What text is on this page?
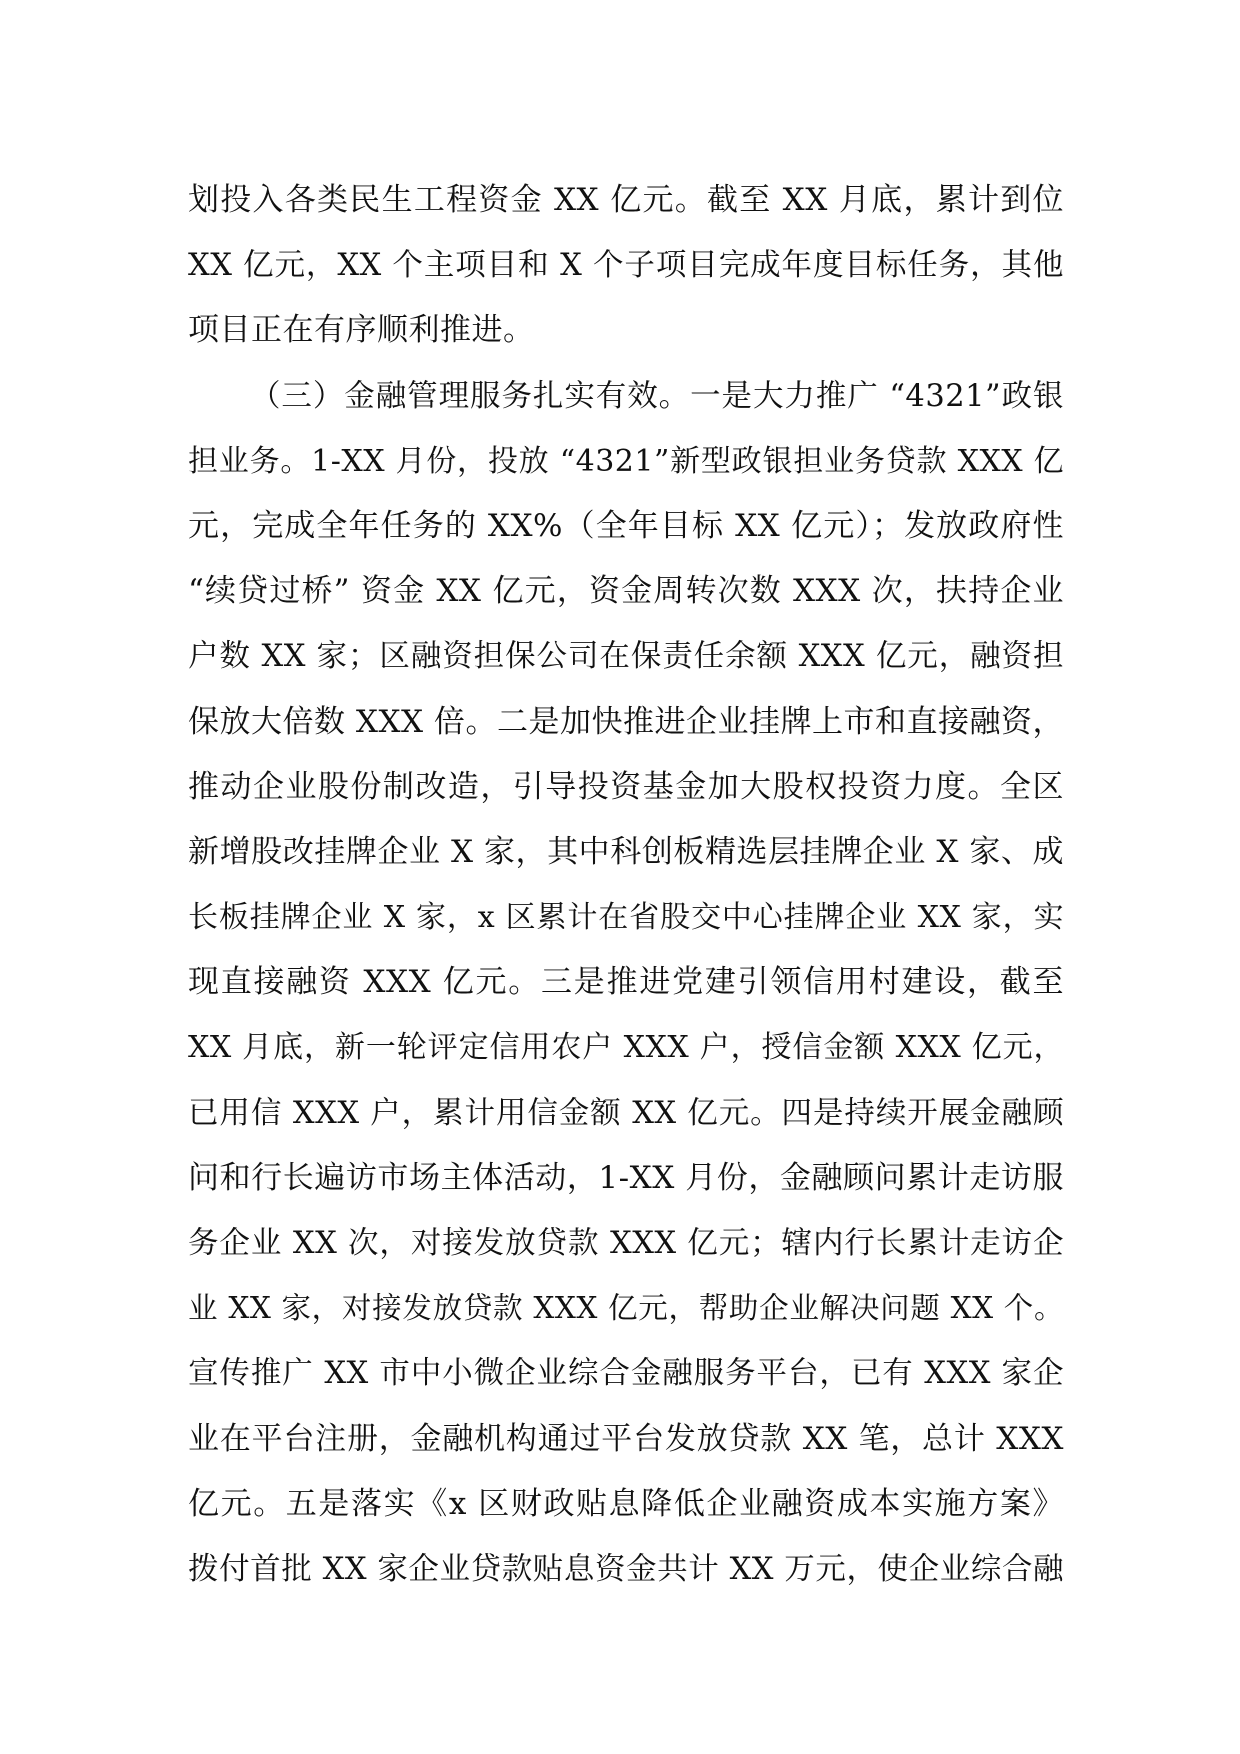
划投入各类民生工程资金 XX 亿元。截至 XX 月底，累计到位
XX 亿元，XX 个主项目和 X 个子项目完成年度目标任务，其他
项目正在有序顺利推进。
（三）金融管理服务扎实有效。一是大力推广 “4321”政银
担业务。1-XX 月份，投放 “4321”新型政银担业务贷款 XXX 亿
元，完成全年任务的 XX%（全年目标 XX 亿元）；发放政府性
“续贷过桥” 资金 XX 亿元，资金周转次数 XXX 次，扶持企业
户数 XX 家；区融资担保公司在保责任余额 XXX 亿元，融资担
保放大倍数 XXX 倍。二是加快推进企业挂牌上市和直接融资，
推动企业股份制改造，引导投资基金加大股权投资力度。全区
新增股改挂牌企业 X 家，其中科创板精选层挂牌企业 X 家、成
长板挂牌企业 X 家，x 区累计在省股交中心挂牌企业 XX 家，实
现直接融资 XXX 亿元。三是推进党建引领信用村建设，截至
XX 月底，新一轮评定信用农户 XXX 户，授信金额 XXX 亿元，
已用信 XXX 户，累计用信金额 XX 亿元。四是持续开展金融顾
问和行长遍访市场主体活动，1-XX 月份，金融顾问累计走访服
务企业 XX 次，对接发放贷款 XXX 亿元；辖内行长累计走访企
业 XX 家，对接发放贷款 XXX 亿元，帮助企业解决问题 XX 个。
宣传推广 XX 市中小微企业综合金融服务平台，已有 XXX 家企
业在平台注册，金融机构通过平台发放贷款 XX 笔，总计 XXX
亿元。五是落实《x 区财政贴息降低企业融资成本实施方案》
拨付首批 XX 家企业贷款贴息资金共计 XX 万元，使企业综合融
